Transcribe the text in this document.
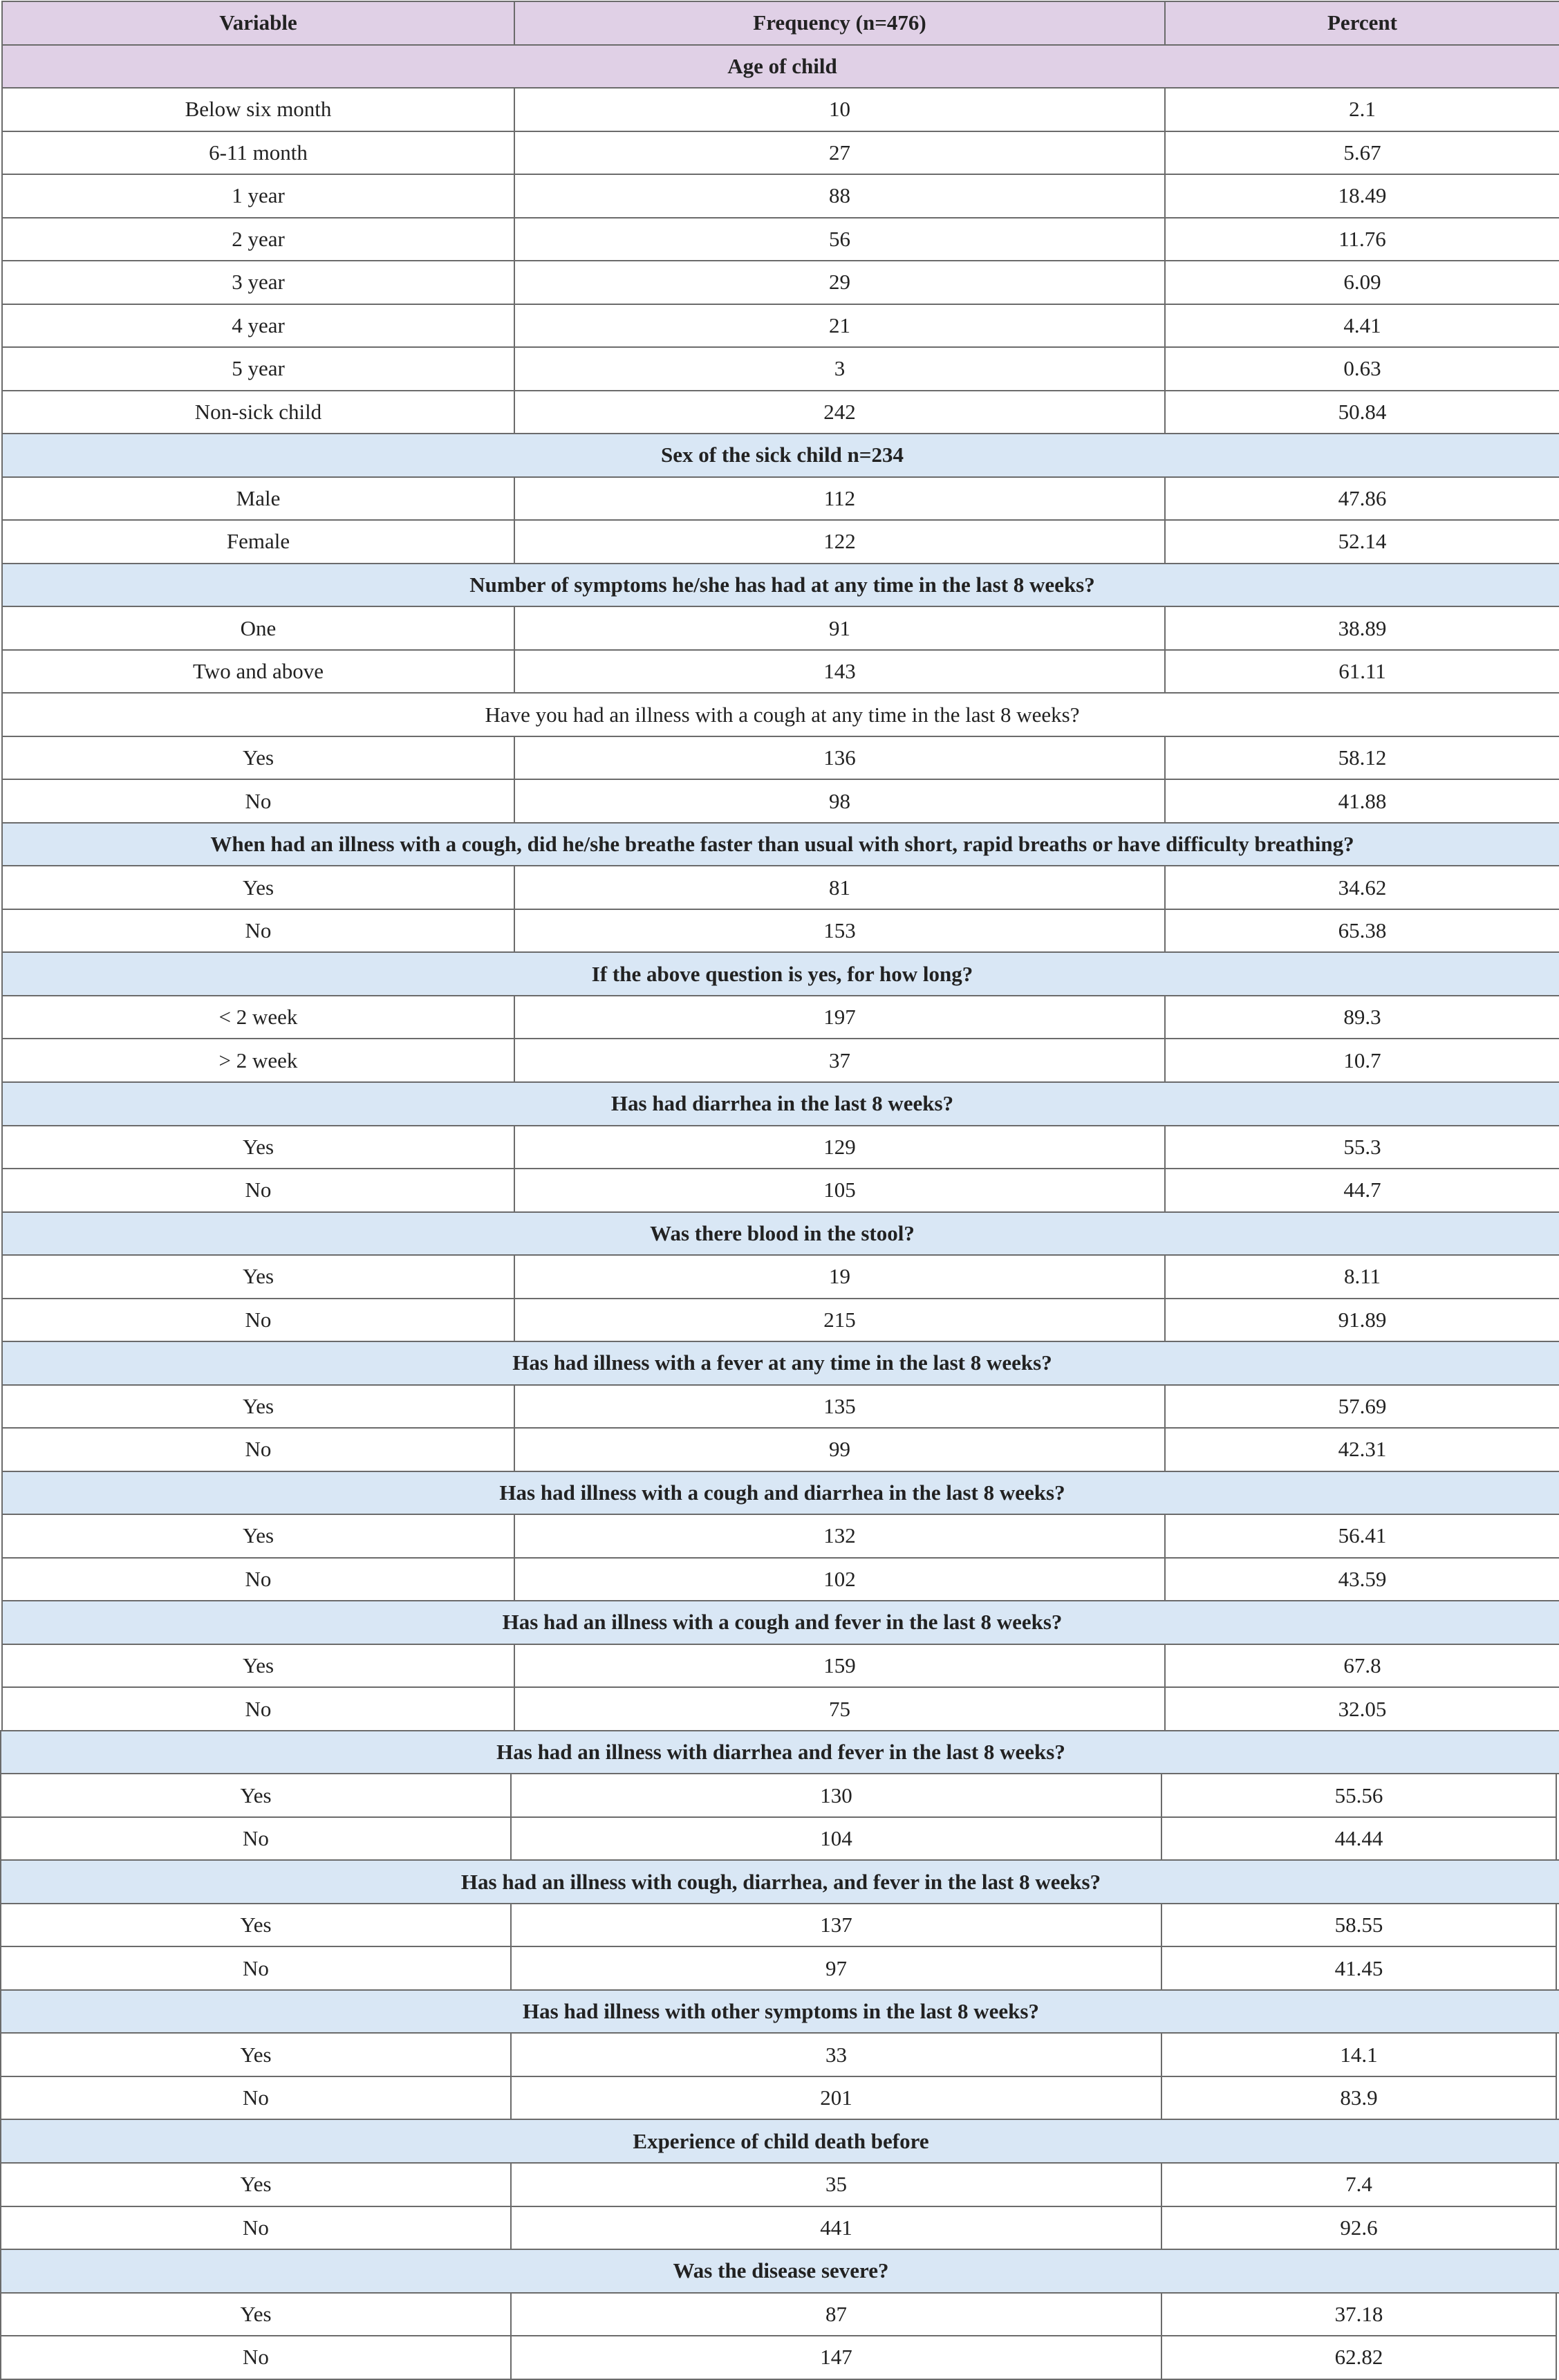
Variable	Frequency (n=476)	Percent
Age of child
Below six month	10	2.1
6-11 month	27	5.67
1 year	88	18.49
2 year	56	11.76
3 year	29	6.09
4 year	21	4.41
5 year	3	0.63
Non-sick child	242	50.84
Sex of the sick child n=234
Male	112	47.86
Female	122	52.14
Number of symptoms he/she has had at any time in the last 8 weeks?
One	91	38.89
Two and above	143	61.11
Have you had an illness with a cough at any time in the last 8 weeks?
Yes	136	58.12
No	98	41.88
When had an illness with a cough, did he/she breathe faster than usual with short, rapid breaths or have difficulty breathing?
Yes	81	34.62
No	153	65.38
If the above question is yes, for how long?
< 2 week	197	89.3
> 2 week	37	10.7
Has had diarrhea in the last 8 weeks?
Yes	129	55.3
No	105	44.7
Was there blood in the stool?
Yes	19	8.11
No	215	91.89
Has had illness with a fever at any time in the last 8 weeks?
Yes	135	57.69
No	99	42.31
Has had illness with a cough and diarrhea in the last 8 weeks?
Yes	132	56.41
No	102	43.59
Has had an illness with a cough and fever in the last 8 weeks?
Yes	159	67.8
No	75	32.05
Has had an illness with diarrhea and fever in the last 8 weeks?
Yes	130	55.56
No	104	44.44
Has had an illness with cough, diarrhea, and fever in the last 8 weeks?
Yes	137	58.55
No	97	41.45
Has had illness with other symptoms in the last 8 weeks?
Yes	33	14.1
No	201	83.9
Experience of child death before
Yes	35	7.4
No	441	92.6
Was the disease severe?
Yes	87	37.18
No	147	62.82
